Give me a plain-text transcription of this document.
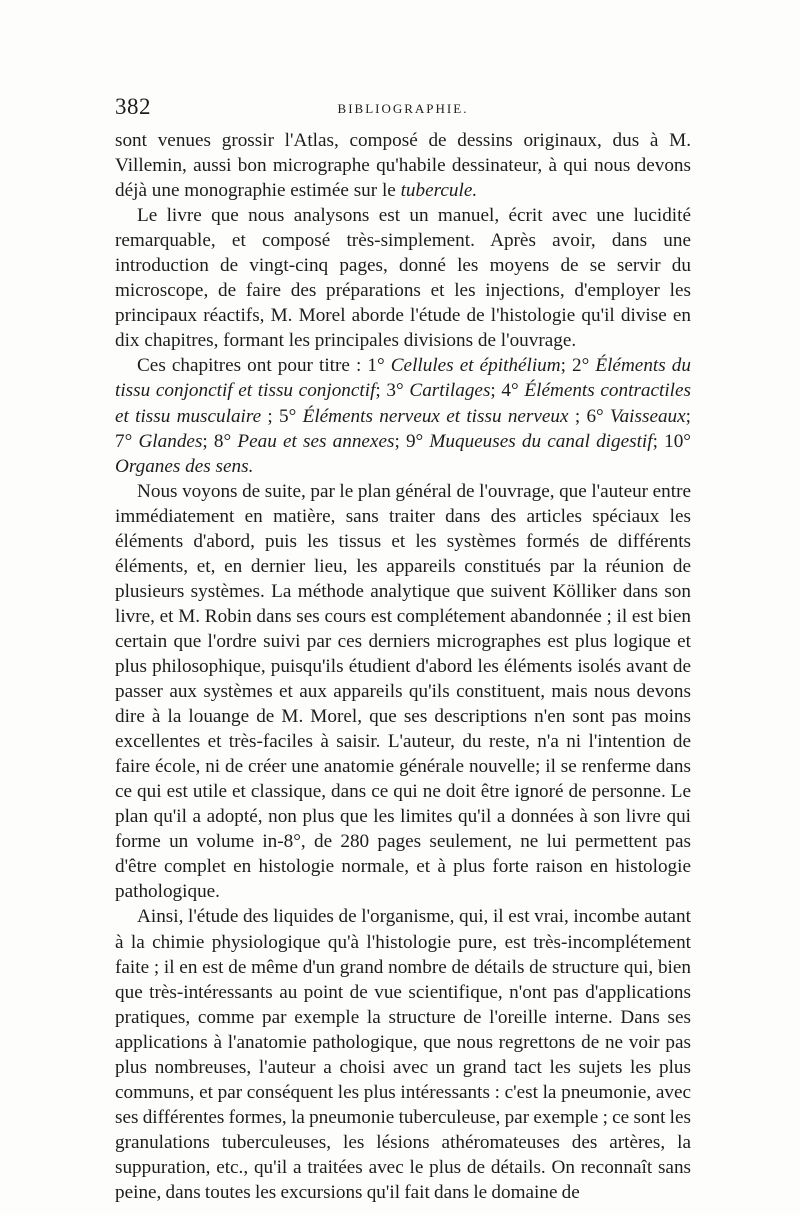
382	BIBLIOGRAPHIE.

sont venues grossir l'Atlas, composé de dessins originaux, dus à M. Villemin, aussi bon micrographe qu'habile dessinateur, à qui nous devons déjà une monographie estimée sur le tubercule.

Le livre que nous analysons est un manuel, écrit avec une lucidité remarquable, et composé très-simplement. Après avoir, dans une introduction de vingt-cinq pages, donné les moyens de se servir du microscope, de faire des préparations et les injections, d'employer les principaux réactifs, M. Morel aborde l'étude de l'histologie qu'il divise en dix chapitres, formant les principales divisions de l'ouvrage.

Ces chapitres ont pour titre : 1° Cellules et épithélium; 2° Éléments du tissu conjonctif et tissu conjonctif; 3° Cartilages; 4° Éléments contractiles et tissu musculaire ; 5° Éléments nerveux et tissu nerveux ; 6° Vaisseaux; 7° Glandes; 8° Peau et ses annexes; 9° Muqueuses du canal digestif; 10° Organes des sens.

Nous voyons de suite, par le plan général de l'ouvrage, que l'auteur entre immédiatement en matière, sans traiter dans des articles spéciaux les éléments d'abord, puis les tissus et les systèmes formés de différents éléments, et, en dernier lieu, les appareils constitués par la réunion de plusieurs systèmes. La méthode analytique que suivent Kölliker dans son livre, et M. Robin dans ses cours est complétement abandonnée ; il est bien certain que l'ordre suivi par ces derniers micrographes est plus logique et plus philosophique, puisqu'ils étudient d'abord les éléments isolés avant de passer aux systèmes et aux appareils qu'ils constituent, mais nous devons dire à la louange de M. Morel, que ses descriptions n'en sont pas moins excellentes et très-faciles à saisir. L'auteur, du reste, n'a ni l'intention de faire école, ni de créer une anatomie générale nouvelle; il se renferme dans ce qui est utile et classique, dans ce qui ne doit être ignoré de personne. Le plan qu'il a adopté, non plus que les limites qu'il a données à son livre qui forme un volume in-8°, de 280 pages seulement, ne lui permettent pas d'être complet en histologie normale, et à plus forte raison en histologie pathologique.

Ainsi, l'étude des liquides de l'organisme, qui, il est vrai, incombe autant à la chimie physiologique qu'à l'histologie pure, est très-incomplétement faite ; il en est de même d'un grand nombre de détails de structure qui, bien que très-intéressants au point de vue scientifique, n'ont pas d'applications pratiques, comme par exemple la structure de l'oreille interne. Dans ses applications à l'anatomie pathologique, que nous regrettons de ne voir pas plus nombreuses, l'auteur a choisi avec un grand tact les sujets les plus communs, et par conséquent les plus intéressants : c'est la pneumonie, avec ses différentes formes, la pneumonie tuberculeuse, par exemple ; ce sont les granulations tuberculeuses, les lésions athéromateuses des artères, la suppuration, etc., qu'il a traitées avec le plus de détails. On reconnaît sans peine, dans toutes les excursions qu'il fait dans le domaine de
